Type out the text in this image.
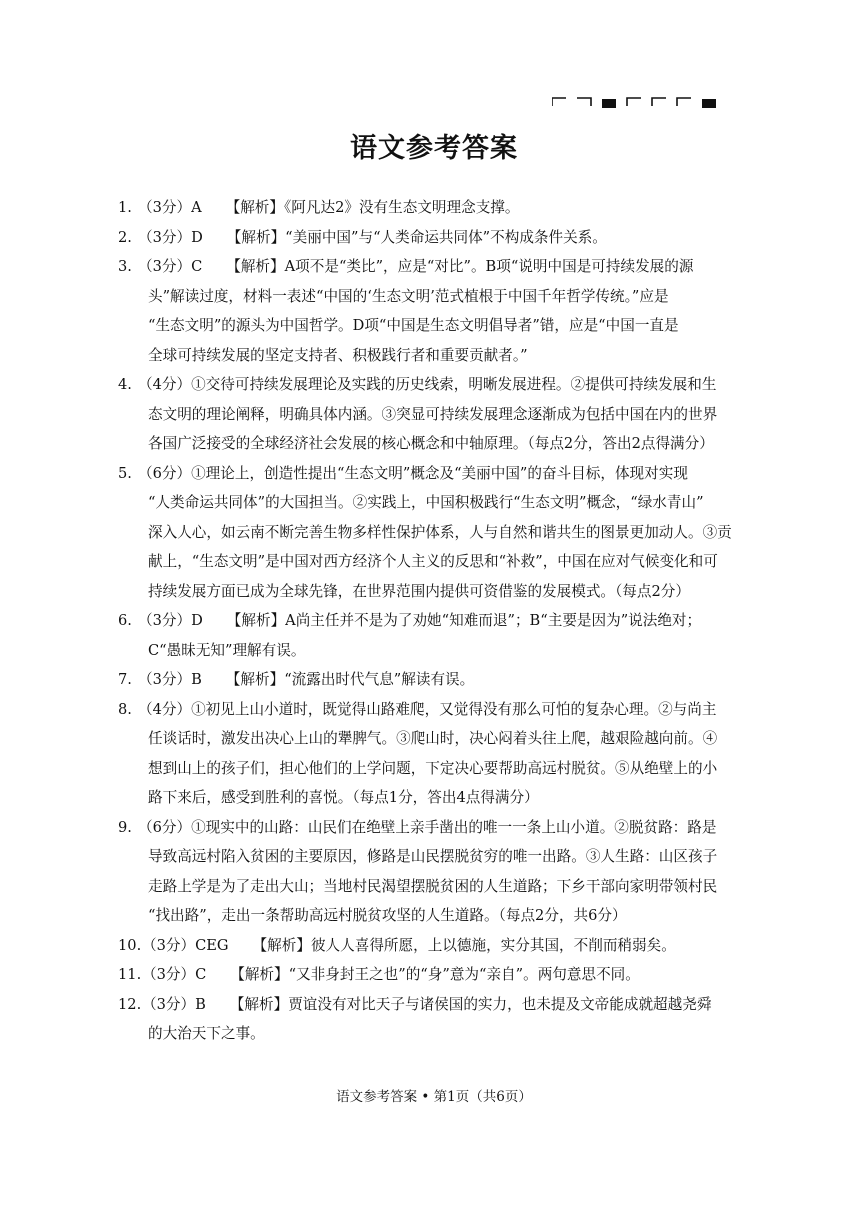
语文参考答案
1. （3分）A 【解析】《阿凡达2》没有生态文明理念支撑。
2. （3分）D 【解析】“美丽中国”与“人类命运共同体”不构成条件关系。
3. （3分）C 【解析】A项不是“类比”，应是“对比”。B项“说明中国是可持续发展的源
头”解读过度，材料一表述“中国的‘生态文明’范式植根于中国千年哲学传统。”应是
“生态文明”的源头为中国哲学。D项“中国是生态文明倡导者”错，应是“中国一直是
全球可持续发展的坚定支持者、积极践行者和重要贡献者。”
4. （4分）①交待可持续发展理论及实践的历史线索，明晰发展进程。②提供可持续发展和生
态文明的理论阐释，明确具体内涵。③突显可持续发展理念逐渐成为包括中国在内的世界
各国广泛接受的全球经济社会发展的核心概念和中轴原理。（每点2分，答出2点得满分）
5. （6分）①理论上，创造性提出“生态文明”概念及“美丽中国”的奋斗目标，体现对实现
“人类命运共同体”的大国担当。②实践上，中国积极践行“生态文明”概念，“绿水青山”
深入人心，如云南不断完善生物多样性保护体系，人与自然和谐共生的图景更加动人。③贡
献上，“生态文明”是中国对西方经济个人主义的反思和“补救”，中国在应对气候变化和可
持续发展方面已成为全球先锋，在世界范围内提供可资借鉴的发展模式。（每点2分）
6. （3分）D 【解析】A尚主任并不是为了劝她“知难而退”；B“主要是因为”说法绝对；
C“愚昧无知”理解有误。
7. （3分）B 【解析】“流露出时代气息”解读有误。
8. （4分）①初见上山小道时，既觉得山路难爬，又觉得没有那么可怕的复杂心理。②与尚主
任谈话时，激发出决心上山的犟脾气。③爬山时，决心闷着头往上爬，越艰险越向前。④
想到山上的孩子们，担心他们的上学问题，下定决心要帮助高远村脱贫。⑤从绝壁上的小
路下来后，感受到胜利的喜悦。（每点1分，答出4点得满分）
9. （6分）①现实中的山路：山民们在绝壁上亲手凿出的唯一一条上山小道。②脱贫路：路是
导致高远村陷入贫困的主要原因，修路是山民摆脱贫穷的唯一出路。③人生路：山区孩子
走路上学是为了走出大山；当地村民渴望摆脱贫困的人生道路；下乡干部向家明带领村民
“找出路”，走出一条帮助高远村脱贫攻坚的人生道路。（每点2分，共6分）
10.（3分）CEG 【解析】彼人人喜得所愿，上以德施，实分其国，不削而稍弱矣。
11.（3分）C 【解析】“又非身封王之也”的“身”意为“亲自”。两句意思不同。
12.（3分）B 【解析】贾谊没有对比天子与诸侯国的实力，也未提及文帝能成就超越尧舜
的大治天下之事。
语文参考答案 • 第1页（共6页）
